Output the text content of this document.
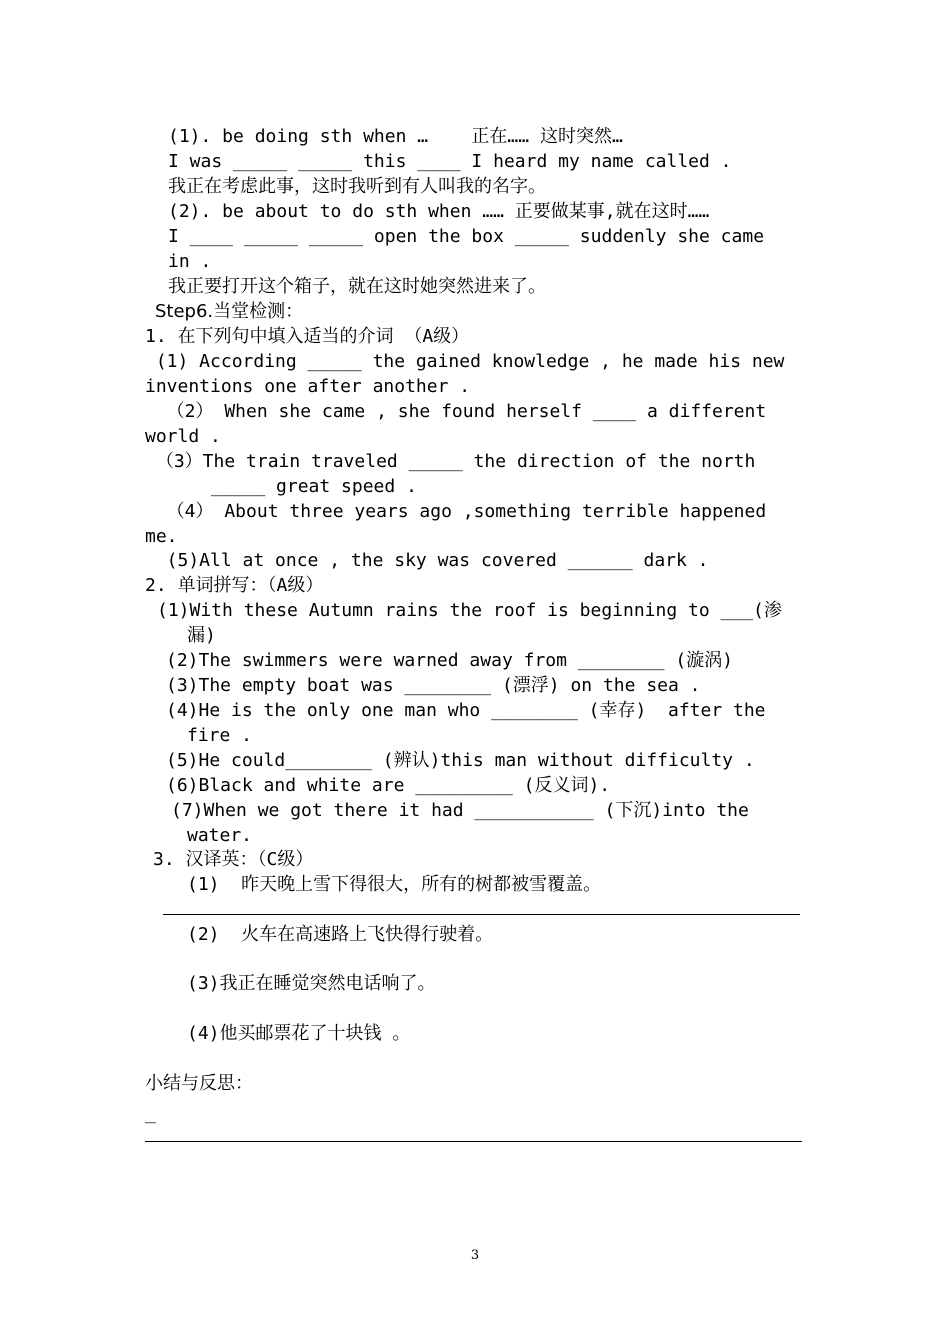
(1). be doing sth when …    正在…… 这时突然…
I was _____ _____ this ____ I heard my name called .
我正在考虑此事，这时我听到有人叫我的名字。
(2). be about to do sth when …… 正要做某事,就在这时……
I ____ _____ _____ open the box _____ suddenly she came
in .
我正要打开这个箱子，就在这时她突然进来了。
Step6.当堂检测：
1. 在下列句中填入适当的介词 （A级）
(1) According _____ the gained knowledge , he made his new
inventions one after another .
（2） When she came , she found herself ____ a different
world .
（3）The train traveled _____ the direction of the north
_____ great speed .
（4） About three years ago ,something terrible happened
me.
(5)All at once , the sky was covered ______ dark .
2. 单词拼写：（A级）
(1)With these Autumn rains the roof is beginning to ___(渗
漏)
(2)The swimmers were warned away from ________ (漩涡)
(3)The empty boat was ________ (漂浮) on the sea .
(4)He is the only one man who ________ (幸存)  after the
fire .
(5)He could________ (辨认)this man without difficulty .
(6)Black and white are _________ (反义词).
(7)When we got there it had ___________ (下沉)into the
water.
3. 汉译英：（C级）
(1)  昨天晚上雪下得很大，所有的树都被雪覆盖。
(2)  火车在高速路上飞快得行驶着。
(3)我正在睡觉突然电话响了。
(4)他买邮票花了十块钱 。
小结与反思：
_
3
